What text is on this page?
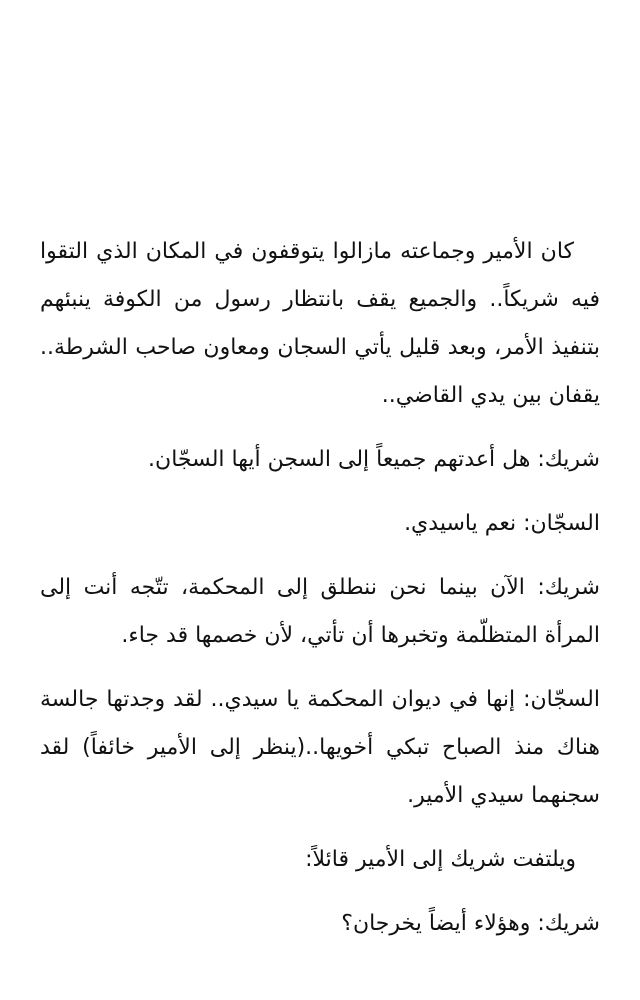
كان الأمير وجماعته مازالوا يتوقفون في المكان الذي التقوا فيه شريكاً.. والجميع يقف بانتظار رسول من الكوفة ينبئهم بتنفيذ الأمر، وبعد قليل يأتي السجان ومعاون صاحب الشرطة.. يقفان بين يدي القاضي..

شريك: هل أعدتهم جميعاً إلى السجن أيها السجّان.

السجّان: نعم ياسيدي.

شريك: الآن بينما نحن ننطلق إلى المحكمة، تتّجه أنت إلى المرأة المتظلّمة وتخبرها أن تأتي، لأن خصمها قد جاء.

السجّان: إنها في ديوان المحكمة يا سيدي.. لقد وجدتها جالسة هناك منذ الصباح تبكي أخويها..(ينظر إلى الأمير خائفاً) لقد سجنهما سيدي الأمير.

ويلتفت شريك إلى الأمير قائلاً:

شريك: وهؤلاء أيضاً يخرجان؟
